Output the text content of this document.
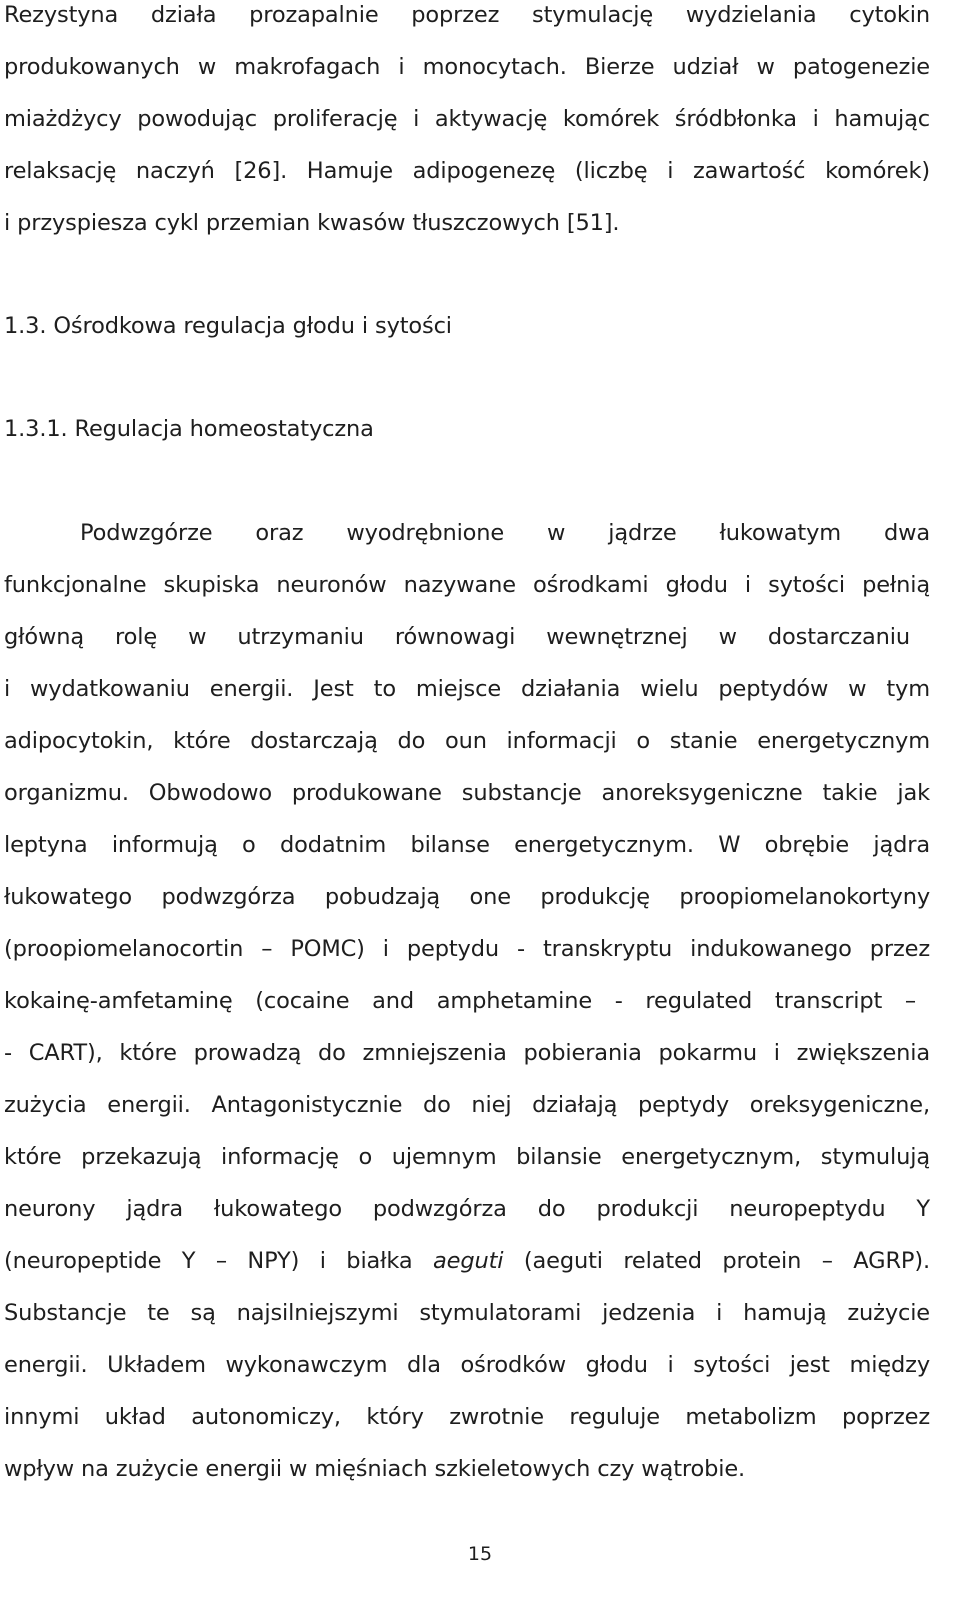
Rezystyna działa prozapalnie poprzez stymulację wydzielania cytokin
produkowanych w makrofagach i monocytach. Bierze udział w patogenezie
miażdżycy powodując proliferację i aktywację komórek śródbłonka i hamując
relaksację naczyń [26]. Hamuje adipogenezę (liczbę i zawartość komórek)
i przyspiesza cykl przemian kwasów tłuszczowych [51].
1.3. Ośrodkowa regulacja głodu i sytości
1.3.1. Regulacja homeostatyczna
Podwzgórze oraz wyodrębnione w jądrze łukowatym dwa
funkcjonalne skupiska neuronów nazywane ośrodkami głodu i sytości pełnią
główną rolę w utrzymaniu równowagi wewnętrznej w dostarczaniu
i wydatkowaniu energii. Jest to miejsce działania wielu peptydów w tym
adipocytokin, które dostarczają do oun informacji o stanie energetycznym
organizmu. Obwodowo produkowane substancje anoreksygeniczne takie jak
leptyna informują o dodatnim bilanse energetycznym. W obrębie jądra
łukowatego podwzgórza pobudzają one produkcję proopiomelanokortyny
(proopiomelanocortin – POMC) i peptydu - transkryptu indukowanego przez
kokainę-amfetaminę (cocaine and amphetamine - regulated transcript –
- CART), które prowadzą do zmniejszenia pobierania pokarmu i zwiększenia
zużycia energii. Antagonistycznie do niej działają peptydy oreksygeniczne,
które przekazują informację o ujemnym bilansie energetycznym, stymulują
neurony jądra łukowatego podwzgórza do produkcji neuropeptydu Y
(neuropeptide Y – NPY) i białka aeguti (aeguti related protein – AGRP).
Substancje te są najsilniejszymi stymulatorami jedzenia i hamują zużycie
energii. Układem wykonawczym dla ośrodków głodu i sytości jest między
innymi układ autonomiczy, który zwrotnie reguluje metabolizm poprzez
wpływ na zużycie energii w mięśniach szkieletowych czy wątrobie.
15
